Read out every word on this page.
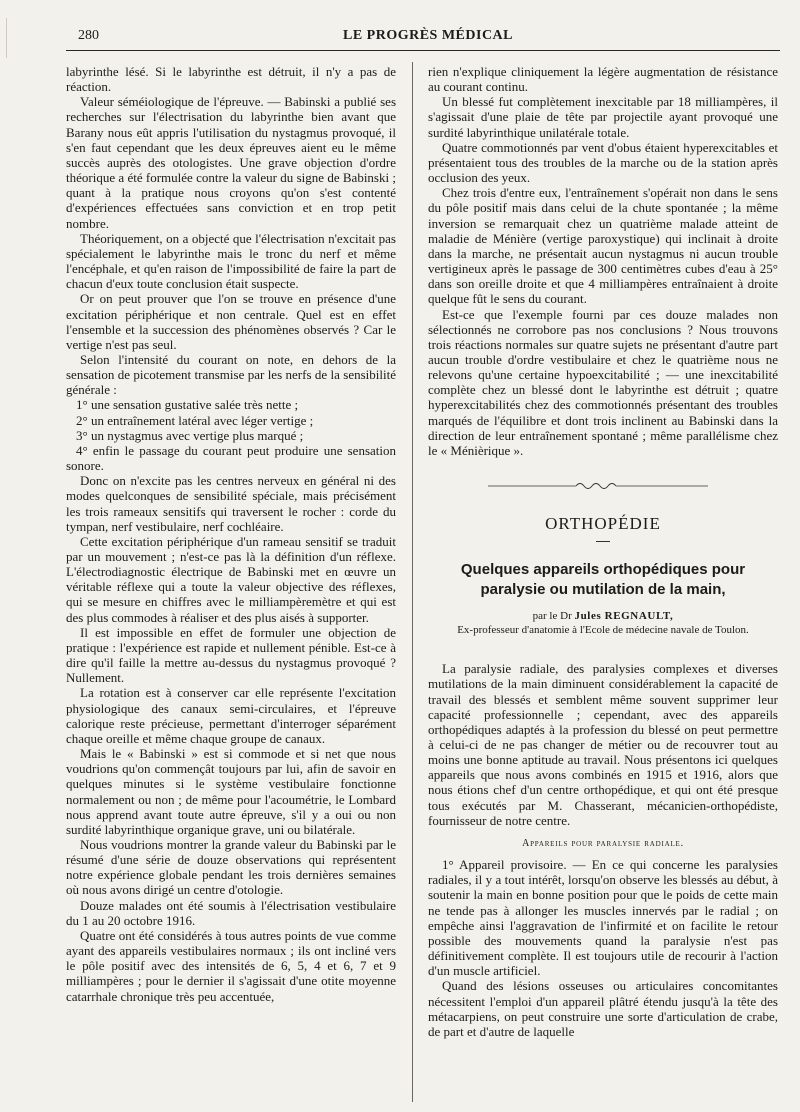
280	LE PROGRÈS MÉDICAL

labyrinthe lésé. Si le labyrinthe est détruit, il n'y a pas de réaction.

Valeur séméiologique de l'épreuve. — Babinski a publié ses recherches sur l'électrisation du labyrinthe bien avant que Barany nous eût appris l'utilisation du nystagmus provoqué, il s'en faut cependant que les deux épreuves aient eu le même succès auprès des otologistes. Une grave objection d'ordre théorique a été formulée contre la valeur du signe de Babinski ; quant à la pratique nous croyons qu'on s'est contenté d'expériences effectuées sans conviction et en trop petit nombre.

Théoriquement, on a objecté que l'électrisation n'excitait pas spécialement le labyrinthe mais le tronc du nerf et même l'encéphale, et qu'en raison de l'impossibilité de faire la part de chacun d'eux toute conclusion était suspecte.

Or on peut prouver que l'on se trouve en présence d'une excitation périphérique et non centrale. Quel est en effet l'ensemble et la succession des phénomènes observés ? Car le vertige n'est pas seul.

Selon l'intensité du courant on note, en dehors de la sensation de picotement transmise par les nerfs de la sensibilité générale :

1° une sensation gustative salée très nette ;

2° un entraînement latéral avec léger vertige ;

3° un nystagmus avec vertige plus marqué ;

4° enfin le passage du courant peut produire une sensation sonore.

Donc on n'excite pas les centres nerveux en général ni des modes quelconques de sensibilité spéciale, mais précisément les trois rameaux sensitifs qui traversent le rocher : corde du tympan, nerf vestibulaire, nerf cochléaire.

Cette excitation périphérique d'un rameau sensitif se traduit par un mouvement ; n'est-ce pas là la définition d'un réflexe. L'électrodiagnostic électrique de Babinski met en œuvre un véritable réflexe qui a toute la valeur objective des réflexes, qui se mesure en chiffres avec le milliampèremètre et qui est des plus commodes à réaliser et des plus aisés à supporter.

Il est impossible en effet de formuler une objection de pratique : l'expérience est rapide et nullement pénible. Est-ce à dire qu'il faille la mettre au-dessus du nystagmus provoqué ? Nullement.

La rotation est à conserver car elle représente l'excitation physiologique des canaux semi-circulaires, et l'épreuve calorique reste précieuse, permettant d'interroger séparément chaque oreille et même chaque groupe de canaux.

Mais le « Babinski » est si commode et si net que nous voudrions qu'on commençât toujours par lui, afin de savoir en quelques minutes si le système vestibulaire fonctionne normalement ou non ; de même pour l'acoumétrie, le Lombard nous apprend avant toute autre épreuve, s'il y a oui ou non surdité labyrinthique organique grave, uni ou bilatérale.

Nous voudrions montrer la grande valeur du Babinski par le résumé d'une série de douze observations qui représentent notre expérience globale pendant les trois dernières semaines où nous avons dirigé un centre d'otologie.

Douze malades ont été soumis à l'électrisation vestibulaire du 1 au 20 octobre 1916.

Quatre ont été considérés à tous autres points de vue comme ayant des appareils vestibulaires normaux ; ils ont incliné vers le pôle positif avec des intensités de 6, 5, 4 et 6, 7 et 9 milliampères ; pour le dernier il s'agissait d'une otite moyenne catarrhale chronique très peu accentuée,

rien n'explique cliniquement la légère augmentation de résistance au courant continu.

Un blessé fut complètement inexcitable par 18 milliampères, il s'agissait d'une plaie de tête par projectile ayant provoqué une surdité labyrinthique unilatérale totale.

Quatre commotionnés par vent d'obus étaient hyperexcitables et présentaient tous des troubles de la marche ou de la station après occlusion des yeux.

Chez trois d'entre eux, l'entraînement s'opérait non dans le sens du pôle positif mais dans celui de la chute spontanée ; la même inversion se remarquait chez un quatrième malade atteint de maladie de Ménière (vertige paroxystique) qui inclinait à droite dans la marche, ne présentait aucun nystagmus ni aucun trouble vertigineux après le passage de 300 centimètres cubes d'eau à 25° dans son oreille droite et que 4 milliampères entraînaient à droite quelque fût le sens du courant.

Est-ce que l'exemple fourni par ces douze malades non sélectionnés ne corrobore pas nos conclusions ? Nous trouvons trois réactions normales sur quatre sujets ne présentant d'autre part aucun trouble d'ordre vestibulaire et chez le quatrième nous ne relevons qu'une certaine hypoexcitabilité ; — une inexcitabilité complète chez un blessé dont le labyrinthe est détruit ; quatre hyperexcitabilités chez des commotionnés présentant des troubles marqués de l'équilibre et dont trois inclinent au Babinski dans la direction de leur entraînement spontané ; même parallélisme chez le « Ménièrique ».

ORTHOPÉDIE
Quelques appareils orthopédiques pour paralysie ou mutilation de la main,
par le Dr Jules REGNAULT,
Ex-professeur d'anatomie à l'Ecole de médecine navale de Toulon.

La paralysie radiale, des paralysies complexes et diverses mutilations de la main diminuent considérablement la capacité de travail des blessés et semblent même souvent supprimer leur capacité professionnelle ; cependant, avec des appareils orthopédiques adaptés à la profession du blessé on peut permettre à celui-ci de ne pas changer de métier ou de recouvrer tout au moins une bonne aptitude au travail. Nous présentons ici quelques appareils que nous avons combinés en 1915 et 1916, alors que nous étions chef d'un centre orthopédique, et qui ont été presque tous exécutés par M. Chasserant, mécanicien-orthopédiste, fournisseur de notre centre.

Appareils pour paralysie radiale.

1° Appareil provisoire. — En ce qui concerne les paralysies radiales, il y a tout intérêt, lorsqu'on observe les blessés au début, à soutenir la main en bonne position pour que le poids de cette main ne tende pas à allonger les muscles innervés par le radial ; on empêche ainsi l'aggravation de l'infirmité et on facilite le retour possible des mouvements quand la paralysie n'est pas définitivement complète. Il est toujours utile de recourir à l'action d'un muscle artificiel.

Quand des lésions osseuses ou articulaires concomitantes nécessitent l'emploi d'un appareil plâtré étendu jusqu'à la tête des métacarpiens, on peut construire une sorte d'articulation de crabe, de part et d'autre de laquelle
